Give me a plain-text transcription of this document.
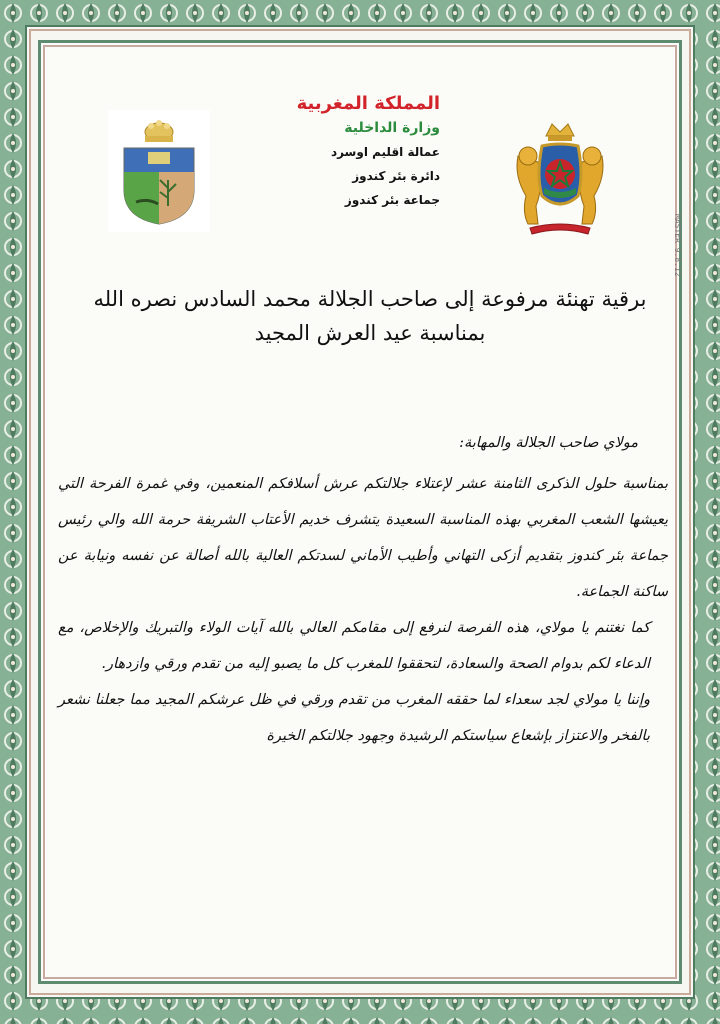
المملكة المغربية
وزارة الداخلية
عمالة اقليم اوسرد
دائرة بئر كندوز
جماعة بئر كندوز
MASTER 9.8.12
برقية تهنئة مرفوعة إلى صاحب الجلالة محمد السادس نصره الله
بمناسبة عيد العرش المجيد
مولاي صاحب الجلالة والمهابة:

بمناسبة حلول الذكرى الثامنة عشر لإعتلاء جلالتكم عرش أسلافكم المنعمين، وفي غمرة الفرحة التي يعيشها الشعب المغربي بهذه المناسبة السعيدة يتشرف خديم الأعتاب الشريفة حرمة الله والي رئيس جماعة بئر كندوز بتقديم أزكى التهاني وأطيب الأماني لسدتكم العالية بالله أصالة عن نفسه ونيابة عن ساكنة الجماعة.

كما نغتنم يا مولاي، هذه الفرصة لنرفع إلى مقامكم العالي بالله آيات الولاء والتبريك والإخلاص، مع الدعاء لكم بدوام الصحة والسعادة، لتحققوا للمغرب كل ما يصبو إليه من تقدم ورقي وازدهار.

وإننا يا مولاي لجد سعداء لما حققه المغرب من تقدم ورقي في ظل عرشكم المجيد مما جعلنا نشعر بالفخر والاعتزاز بإشعاع سياستكم الرشيدة وجهود جلالتكم الخيرة
